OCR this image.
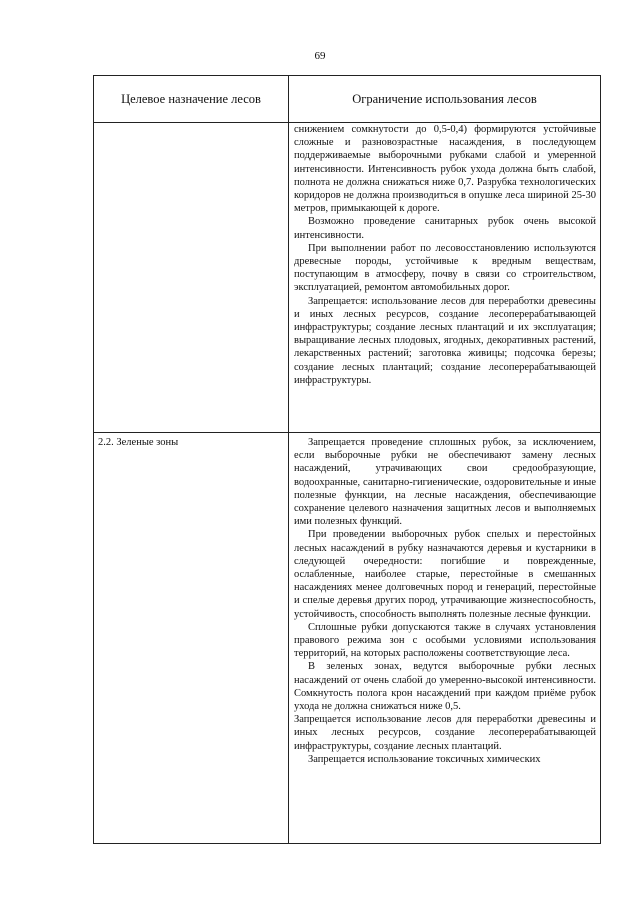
69
Целевое назначение лесов	Ограничение использования лесов

снижением сомкнутости до 0,5-0,4) формируются устойчивые сложные и разновозрастные насаждения, в последующем поддерживаемые выборочными рубками слабой и умеренной интенсивности. Интенсивность рубок ухода должна быть слабой, полнота не должна снижаться ниже 0,7. Разрубка технологических коридоров не должна производиться в опушке леса шириной 25-30 метров, примыкающей к дороге.

Возможно проведение санитарных рубок очень высокой интенсивности.

При выполнении работ по лесовосстановлению используются древесные породы, устойчивые к вредным веществам, поступающим в атмосферу, почву в связи со строительством, эксплуатацией, ремонтом автомобильных дорог.

Запрещается: использование лесов для переработки древесины и иных лесных ресурсов, создание лесоперерабатывающей инфраструктуры; создание лесных плантаций и их эксплуатация; выращивание лесных плодовых, ягодных, декоративных растений, лекарственных растений; заготовка живицы; подсочка березы; создание лесных плантаций; создание лесоперерабатывающей инфраструктуры.

2.2. Зеленые зоны	Запрещается проведение сплошных рубок, за исключением, если выборочные рубки не обеспечивают замену лесных насаждений, утрачивающих свои средообразующие, водоохранные, санитарно-гигиенические, оздоровительные и иные полезные функции, на лесные насаждения, обеспечивающие сохранение целевого назначения защитных лесов и выполняемых ими полезных функций.

При проведении выборочных рубок спелых и перестойных лесных насаждений в рубку назначаются деревья и кустарники в следующей очередности: погибшие и поврежденные, ослабленные, наиболее старые, перестойные в смешанных насаждениях менее долговечных пород и генераций, перестойные и спелые деревья других пород, утрачивающие жизнеспособность, устойчивость, способность выполнять полезные лесные функции.

Сплошные рубки допускаются также в случаях установления правового режима зон с особыми условиями использования территорий, на которых расположены соответствующие леса.

В зеленых зонах, ведутся выборочные рубки лесных насаждений от очень слабой до умеренно-высокой интенсивности. Сомкнутость полога крон насаждений при каждом приёме рубок ухода не должна снижаться ниже 0,5.

Запрещается использование лесов для переработки древесины и иных лесных ресурсов, создание лесоперерабатывающей инфраструктуры, создание лесных плантаций.

Запрещается использование токсичных химических
